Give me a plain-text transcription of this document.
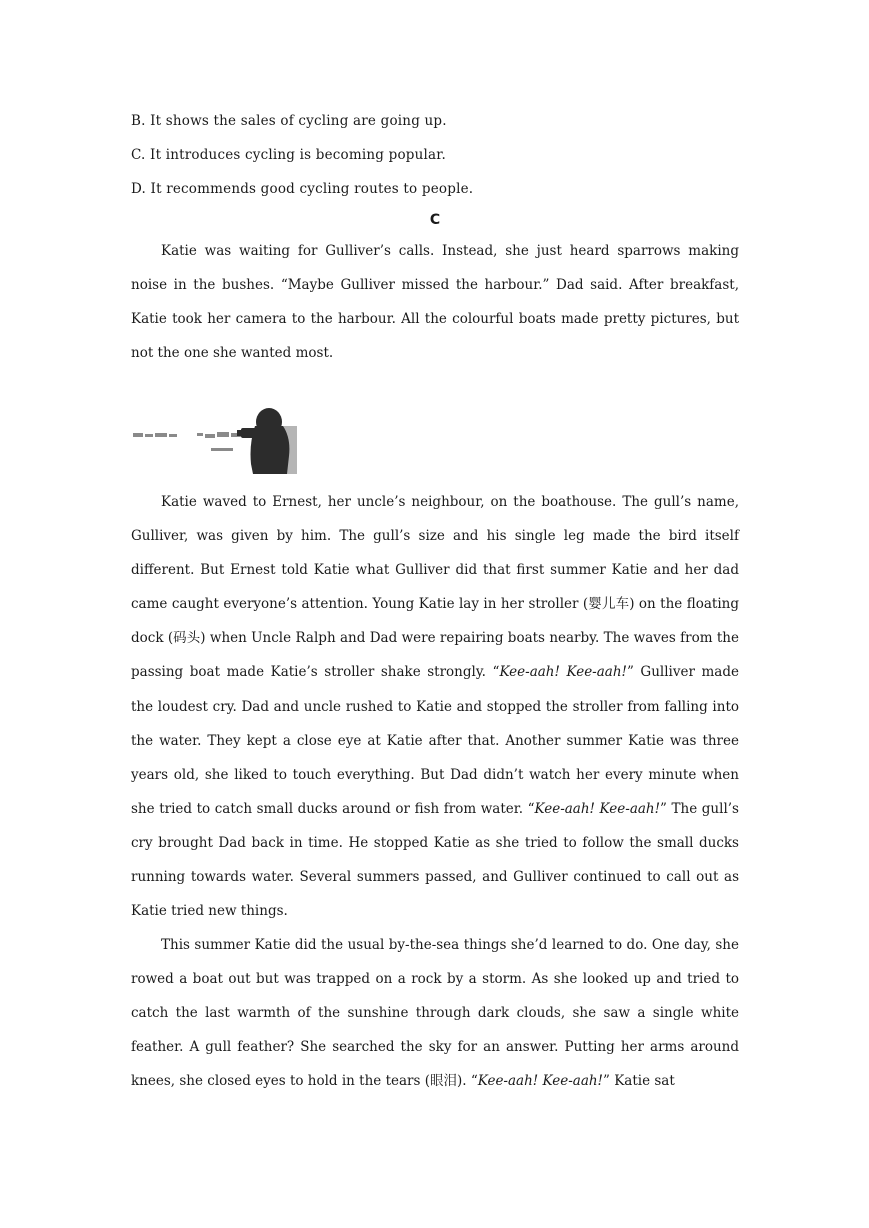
B. It shows the sales of cycling are going up.
C. It introduces cycling is becoming popular.
D. It recommends good cycling routes to people.
C
Katie was waiting for Gulliver’s calls. Instead, she just heard sparrows making noise in the bushes. “Maybe Gulliver missed the harbour.” Dad said. After breakfast, Katie took her camera to the harbour. All the colourful boats made pretty pictures, but not the one she wanted most.
Katie waved to Ernest, her uncle’s neighbour, on the boathouse. The gull’s name, Gulliver, was given by him. The gull’s size and his single leg made the bird itself different. But Ernest told Katie what Gulliver did that first summer Katie and her dad came caught everyone’s attention. Young Katie lay in her stroller (婴儿车) on the floating dock (码头) when Uncle Ralph and Dad were repairing boats nearby. The waves from the passing boat made Katie’s stroller shake strongly. “Kee-aah! Kee-aah!” Gulliver made the loudest cry. Dad and uncle rushed to Katie and stopped the stroller from falling into the water. They kept a close eye at Katie after that. Another summer Katie was three years old, she liked to touch everything. But Dad didn’t watch her every minute when she tried to catch small ducks around or fish from water. “Kee-aah! Kee-aah!” The gull’s cry brought Dad back in time. He stopped Katie as she tried to follow the small ducks running towards water. Several summers passed, and Gulliver continued to call out as Katie tried new things.
This summer Katie did the usual by-the-sea things she’d learned to do. One day, she rowed a boat out but was trapped on a rock by a storm. As she looked up and tried to catch the last warmth of the sunshine through dark clouds, she saw a single white feather. A gull feather? She searched the sky for an answer. Putting her arms around knees, she closed eyes to hold in the tears (眼泪). “Kee-aah! Kee-aah!” Katie sat
